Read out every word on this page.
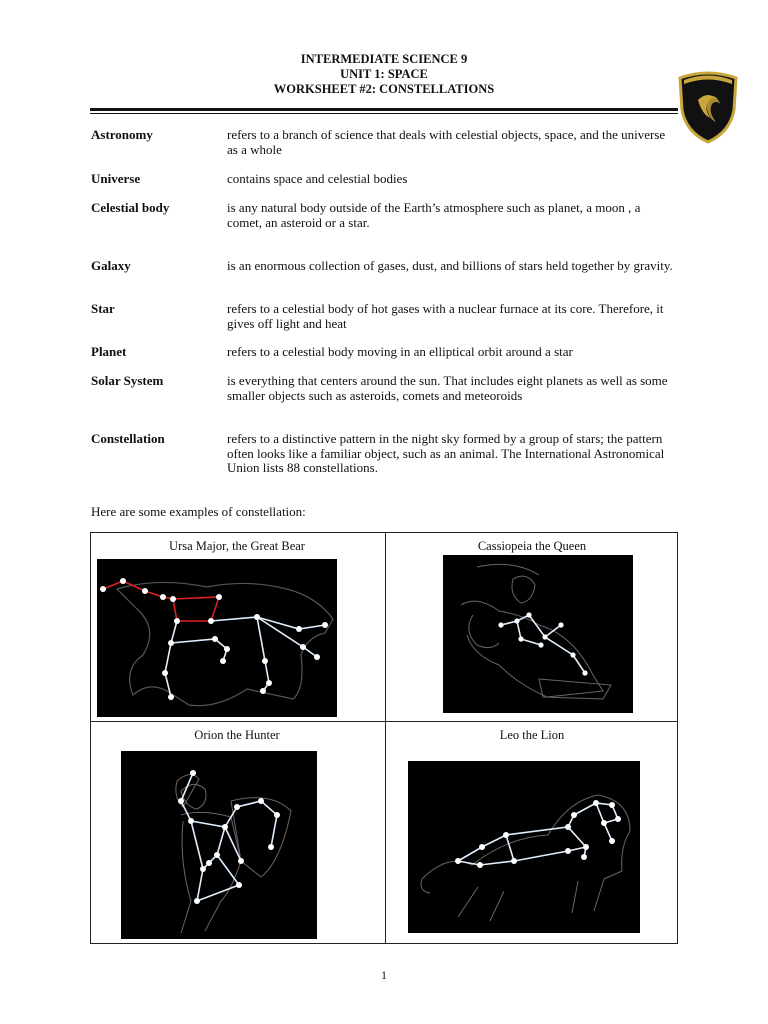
INTERMEDIATE SCIENCE 9
UNIT 1: SPACE
WORKSHEET #2: CONSTELLATIONS
Astronomy	refers to a branch of science that deals with celestial objects, space, and the universe as a whole
Universe	contains space and celestial bodies
Celestial body	is any natural body outside of the Earth’s atmosphere such as planet, a moon , a comet, an asteroid or a star.
Galaxy	is an enormous collection of gases, dust, and billions of stars held together by gravity.
Star	refers to a celestial body of hot gases with a nuclear furnace at its core. Therefore, it gives off light and heat
Planet	refers to a celestial body moving in an elliptical orbit around a star
Solar System	is everything that centers around the sun. That includes eight planets as well as some smaller objects such as asteroids, comets and meteoroids
Constellation	refers to a distinctive pattern in the night sky formed by a group of stars; the pattern often looks like a familiar object, such as an animal. The International Astronomical Union lists 88 constellations.
Here are some examples of constellation:
Ursa Major, the Great Bear	Cassiopeia the Queen
Orion the Hunter	Leo the Lion
1
